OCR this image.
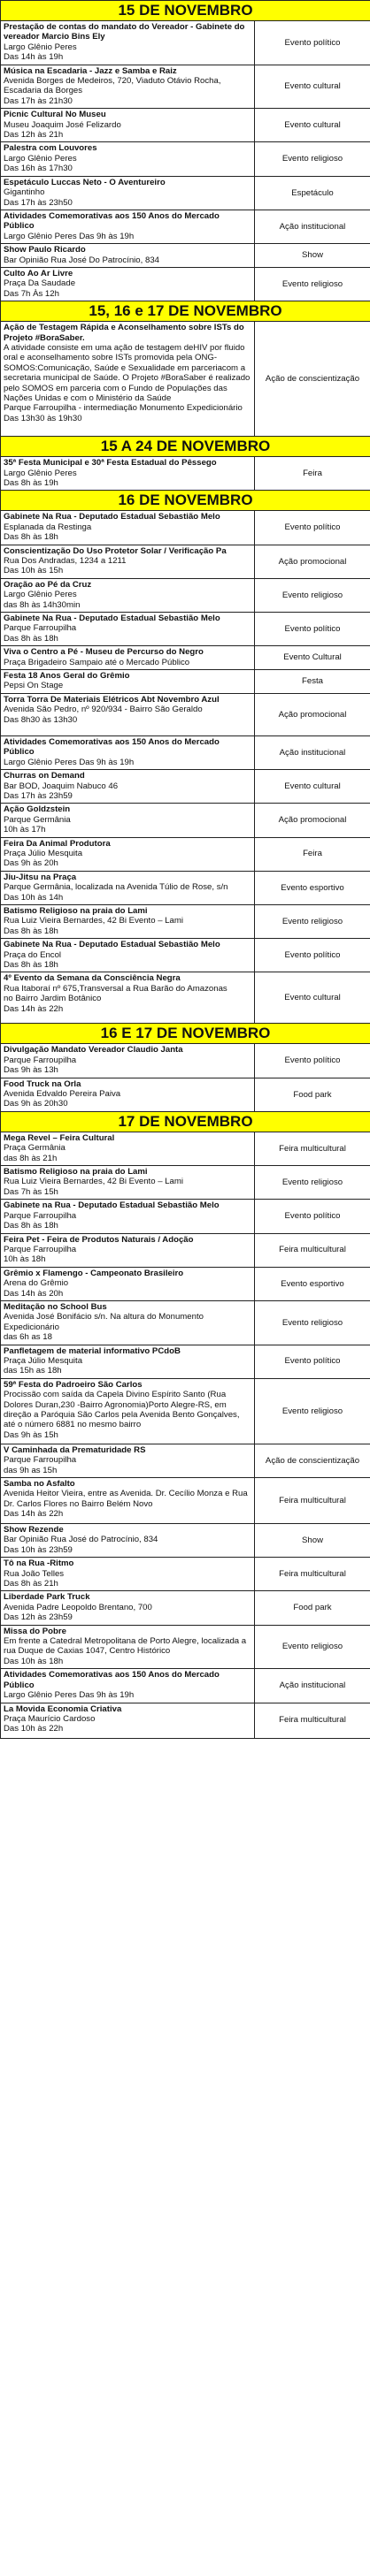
15 DE NOVEMBRO	

Prestação de contas do mandato do Vereador - Gabinete do vereador Marcio Bins Ely
Largo Glênio Peres
Das 14h às 19h	Evento político

Música na Escadaria - Jazz e Samba e Raiz
Avenida Borges de Medeiros, 720, Viaduto Otávio Rocha, Escadaria da Borges
Das 17h às 21h30	Evento cultural

Picnic Cultural No Museu
Museu Joaquim José Felizardo
Das 12h às 21h	Evento cultural

Palestra com Louvores
Largo Glênio Peres
Das 16h às 17h30	Evento religioso

Espetáculo Luccas Neto - O Aventureiro
Gigantinho
Das 17h às 23h50	Espetáculo

Atividades Comemorativas aos 150 Anos do Mercado Público
Largo Glênio Peres Das 9h às 19h	Ação institucional

Show Paulo Ricardo
Bar Opinião Rua José Do Patrocínio, 834	Show

Culto Ao Ar Livre
Praça Da Saudade
Das 7h Às 12h	Evento religioso
15, 16 e 17 DE NOVEMBRO	

Ação de Testagem Rápida e Aconselhamento sobre ISTs do Projeto #BoraSaber.
A atividade consiste em uma ação de testagem deHIV por fluido oral e aconselhamento sobre ISTs promovida pela ONG-SOMOS:Comunicação, Saúde e Sexualidade em parceriacom a secretaria municipal de Saúde. O Projeto #BoraSaber é realizado pelo SOMOS em parceria com o Fundo de Populações das Nações Unidas e com o Ministério da Saúde
Parque Farroupilha - intermediação Monumento Expedicionário
Das 13h30 às 19h30	Ação de conscientização
15 A 24 DE NOVEMBRO	

35ª Festa Municipal e 30ª Festa Estadual do Pêssego
Largo Glênio Peres
Das 8h às 19h	Feira
16 DE NOVEMBRO	

Gabinete Na Rua - Deputado Estadual Sebastião Melo
Esplanada da Restinga
Das 8h às 18h	Evento político

Conscientização Do Uso Protetor Solar / Verificação Pa
Rua Dos Andradas, 1234 a 1211
Das 10h às 15h	Ação promocional

Oração ao Pé da Cruz
Largo Glênio Peres
das 8h às 14h30min	Evento religioso

Gabinete Na Rua - Deputado Estadual Sebastião Melo
Parque Farroupilha
Das 8h às 18h	Evento político

Viva o Centro a Pé - Museu de Percurso do Negro
Praça Brigadeiro Sampaio até o Mercado Público	Evento Cultural

Festa 18 Anos Geral do Grêmio
Pepsi On Stage	Festa

Torra Torra De Materiais Elétricos Abt Novembro Azul
Avenida São Pedro, nº 920/934 - Bairro São Geraldo
Das 8h30 às 13h30	Ação promocional

Atividades Comemorativas aos 150 Anos do Mercado Público
Largo Glênio Peres Das 9h às 19h	Ação institucional

Churras on Demand
Bar BOD, Joaquim Nabuco 46
Das 17h às 23h59	Evento cultural

Ação Goldzstein
Parque Germânia
10h às 17h	Ação promocional

Feira Da Animal Produtora
Praça Júlio Mesquita
Das 9h às 20h	Feira

Jiu-Jitsu na Praça
Parque Germânia, localizada na Avenida Túlio de Rose, s/n
Das 10h às 14h	Evento esportivo

Batismo Religioso na praia do Lami
Rua Luiz Vieira Bernardes, 42 Bi Evento – Lami
Das 8h às 18h	Evento religioso

Gabinete Na Rua - Deputado Estadual Sebastião Melo
Praça do Encol
Das 8h às 18h	Evento político

4º Evento da Semana da Consciência Negra
Rua Itaboraí nº 675,Transversal a Rua Barão do Amazonas
no Bairro Jardim Botânico
Das 14h às 22h	Evento cultural
16 E 17 DE NOVEMBRO	

Divulgação Mandato Vereador Claudio Janta
Parque Farroupilha
Das 9h às 13h	Evento político

Food Truck na Orla
Avenida Edvaldo Pereira Paiva
Das 9h às 20h30	Food park
17 DE NOVEMBRO	

Mega Revel – Feira Cultural
Praça Germânia
das 8h às 21h	Feira multicultural

Batismo Religioso na praia do Lami
Rua Luiz Vieira Bernardes, 42 Bi Evento – Lami
Das 7h às 15h	Evento religioso

Gabinete na Rua - Deputado Estadual Sebastião Melo
Parque Farroupilha
Das 8h às 18h	Evento político

Feira Pet - Feira de Produtos Naturais / Adoção
Parque Farroupilha
10h às 18h	Feira multicultural

Grêmio x Flamengo - Campeonato Brasileiro
Arena do Grêmio
Das 14h às 20h	Evento esportivo

Meditação no School Bus
Avenida José Bonifácio s/n. Na altura do Monumento Expedicionário
das 6h as 18	Evento religioso

Panfletagem de material informativo PCdoB
Praça Júlio Mesquita
das 15h as 18h	Evento político

59ª Festa do Padroeiro São Carlos
Procissão com saída da Capela Divino Espírito Santo (Rua Dolores Duran,230 -Bairro Agronomia)Porto Alegre-RS, em direção a Paróquia São Carlos pela Avenida Bento Gonçalves, até o número 6881 no mesmo bairro
Das 9h às 15h	Evento religioso

V Caminhada da Prematuridade RS
Parque Farroupilha
das 9h as 15h	Ação de conscientização

Samba no Asfalto
Avenida Heitor Vieira, entre as Avenida. Dr. Cecílio Monza e Rua Dr. Carlos Flores no Bairro Belém Novo
Das 14h às 22h	Feira multicultural

Show Rezende
Bar Opinião Rua José do Patrocínio, 834
Das 10h às 23h59	Show

Tô na Rua -Ritmo
Rua João Telles
Das 8h às 21h	Feira multicultural

Liberdade Park Truck
Avenida Padre Leopoldo Brentano, 700
Das 12h às 23h59	Food park

Missa do Pobre
Em frente a Catedral Metropolitana de Porto Alegre, localizada a rua Duque de Caxias 1047, Centro Histórico
Das 10h às 18h	Evento religioso

Atividades Comemorativas aos 150 Anos do Mercado Público
Largo Glênio Peres Das 9h às 19h	Ação institucional

La Movida Economia Criativa
Praça Maurício Cardoso
Das 10h às 22h	Feira multicultural
